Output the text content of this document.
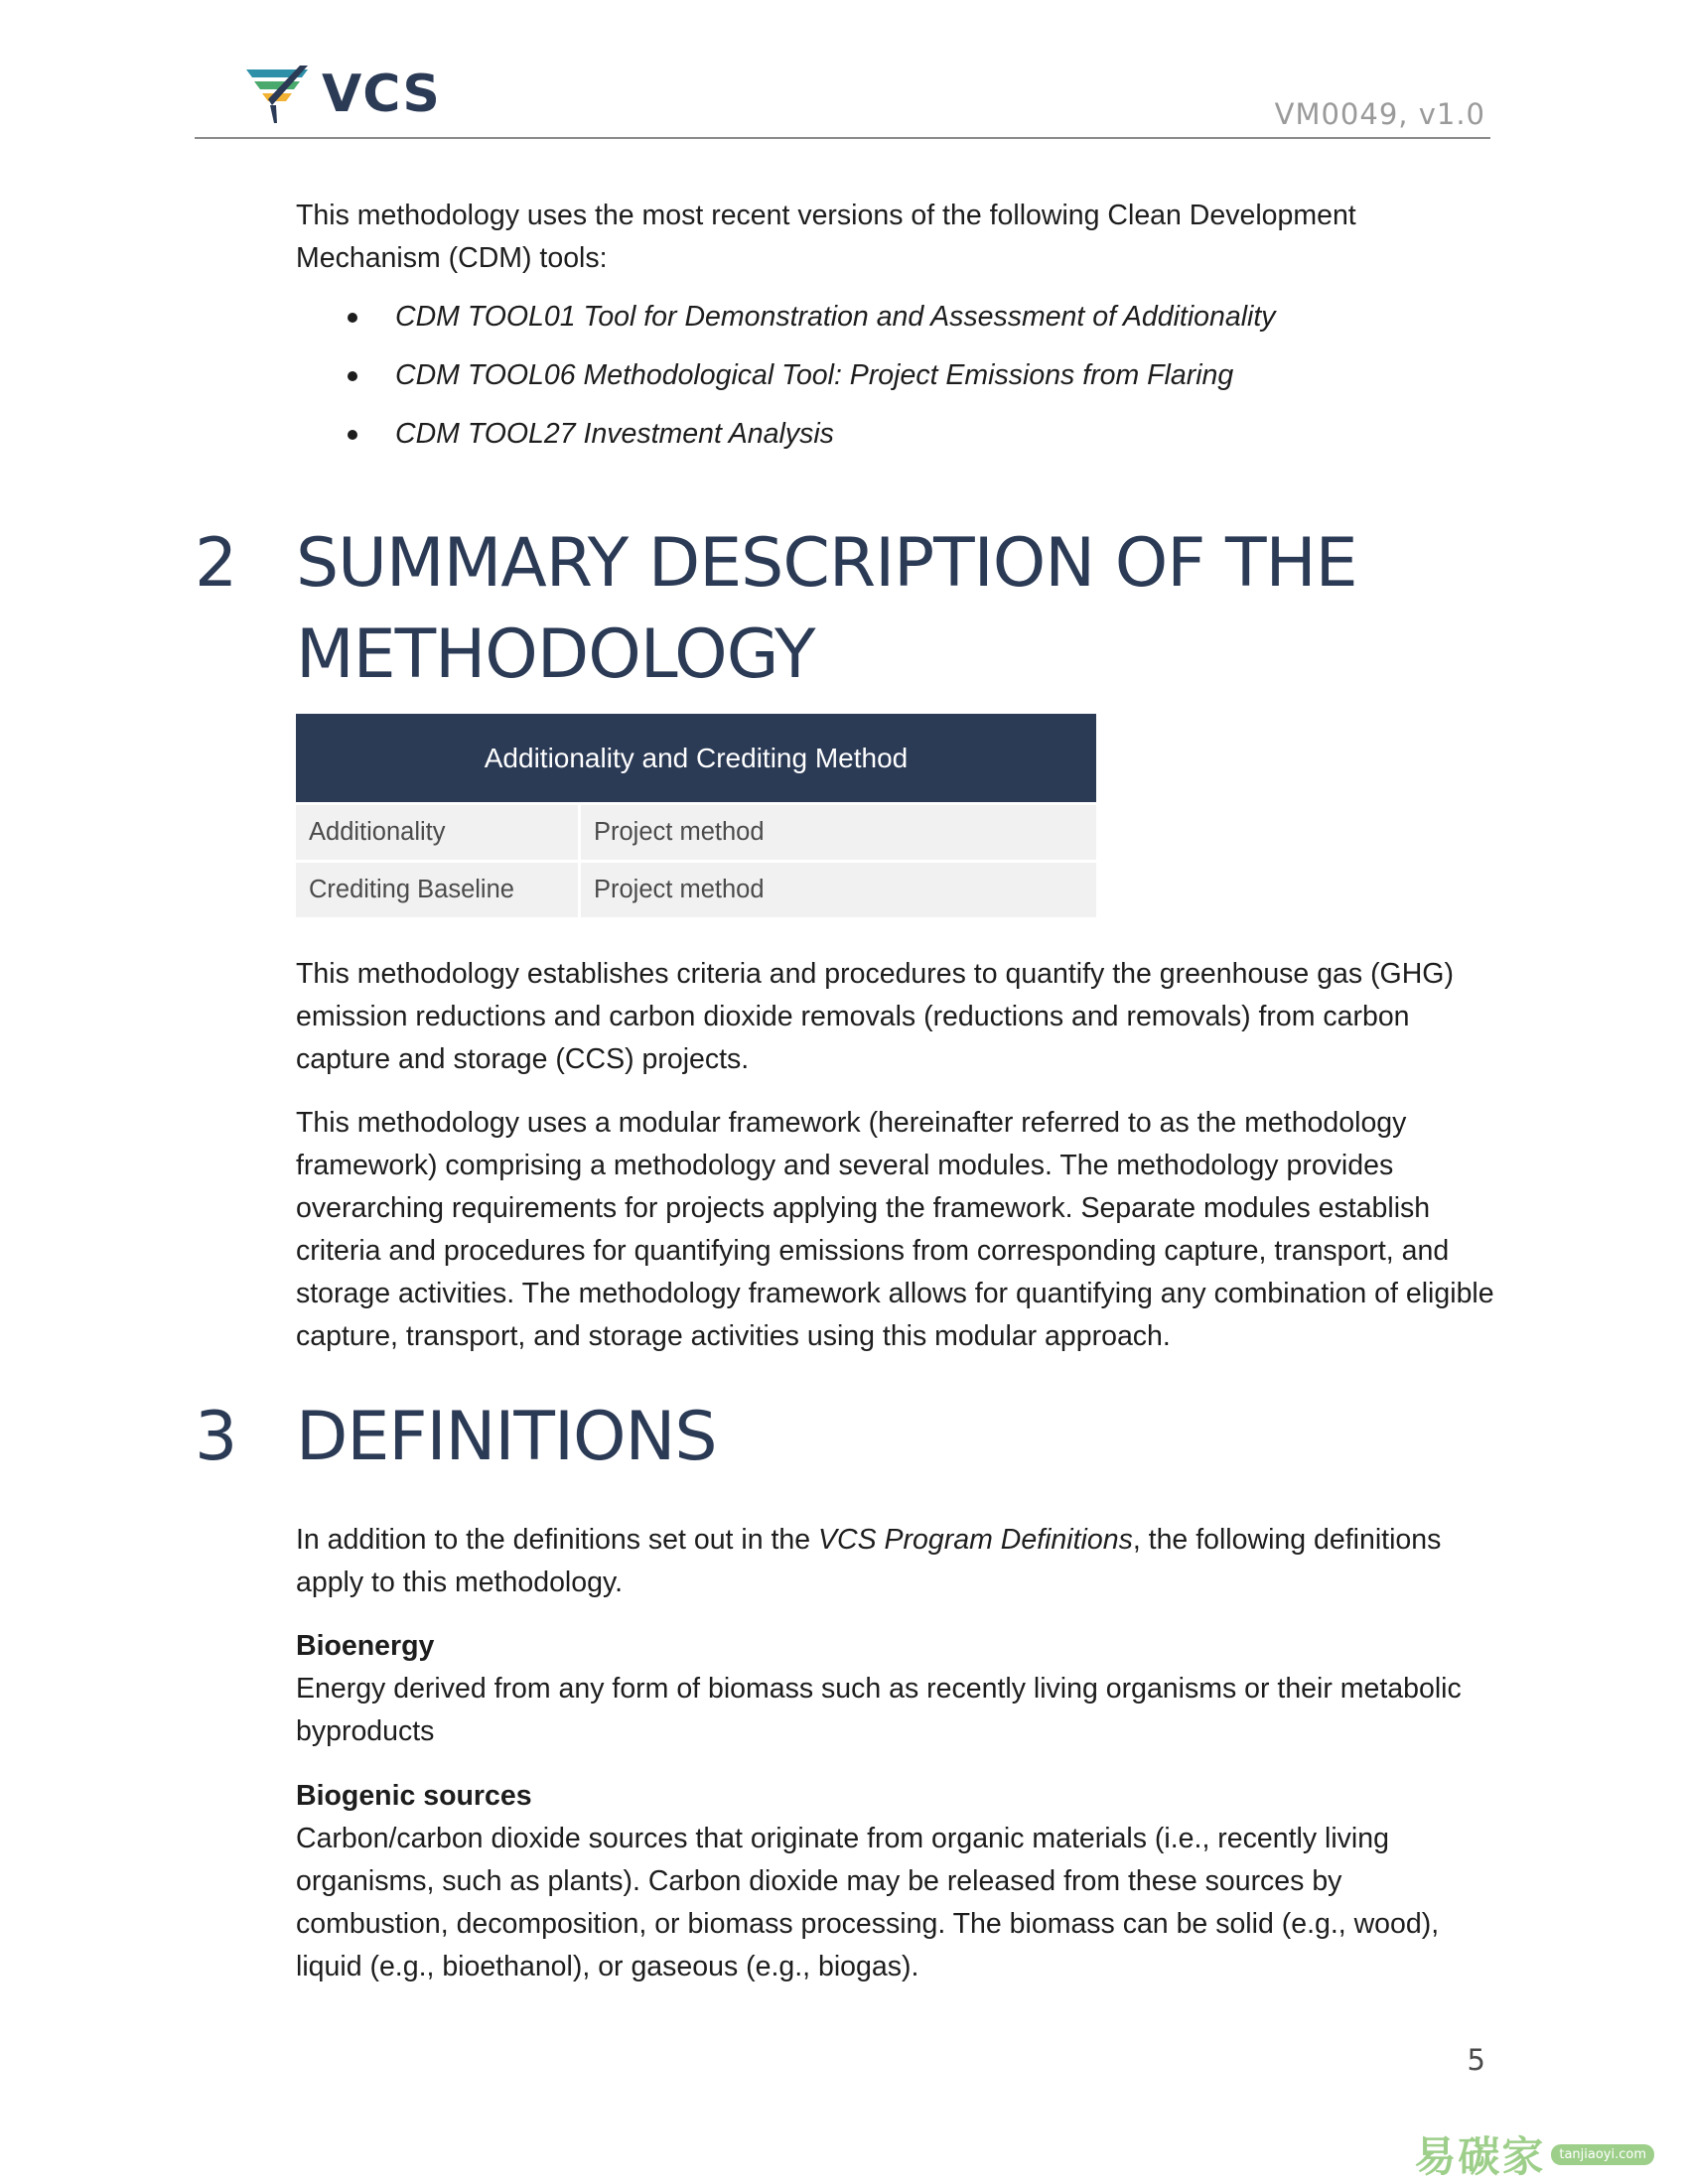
VCS	VM0049, v1.0

This methodology uses the most recent versions of the following Clean Development Mechanism (CDM) tools:

CDM TOOL01 Tool for Demonstration and Assessment of Additionality
CDM TOOL06 Methodological Tool: Project Emissions from Flaring
CDM TOOL27 Investment Analysis
2 SUMMARY DESCRIPTION OF THE METHODOLOGY
Additionality and Crediting Method	
Additionality	Project method
Crediting Baseline	Project method

This methodology establishes criteria and procedures to quantify the greenhouse gas (GHG) emission reductions and carbon dioxide removals (reductions and removals) from carbon capture and storage (CCS) projects.

This methodology uses a modular framework (hereinafter referred to as the methodology framework) comprising a methodology and several modules. The methodology provides overarching requirements for projects applying the framework. Separate modules establish criteria and procedures for quantifying emissions from corresponding capture, transport, and storage activities. The methodology framework allows for quantifying any combination of eligible capture, transport, and storage activities using this modular approach.

3 DEFINITIONS

In addition to the definitions set out in the VCS Program Definitions, the following definitions apply to this methodology.

Bioenergy

Energy derived from any form of biomass such as recently living organisms or their metabolic byproducts

Biogenic sources

Carbon/carbon dioxide sources that originate from organic materials (i.e., recently living organisms, such as plants). Carbon dioxide may be released from these sources by combustion, decomposition, or biomass processing. The biomass can be solid (e.g., wood), liquid (e.g., bioethanol), or gaseous (e.g., biogas).

5
易碳家	tanjiaoyi.com
